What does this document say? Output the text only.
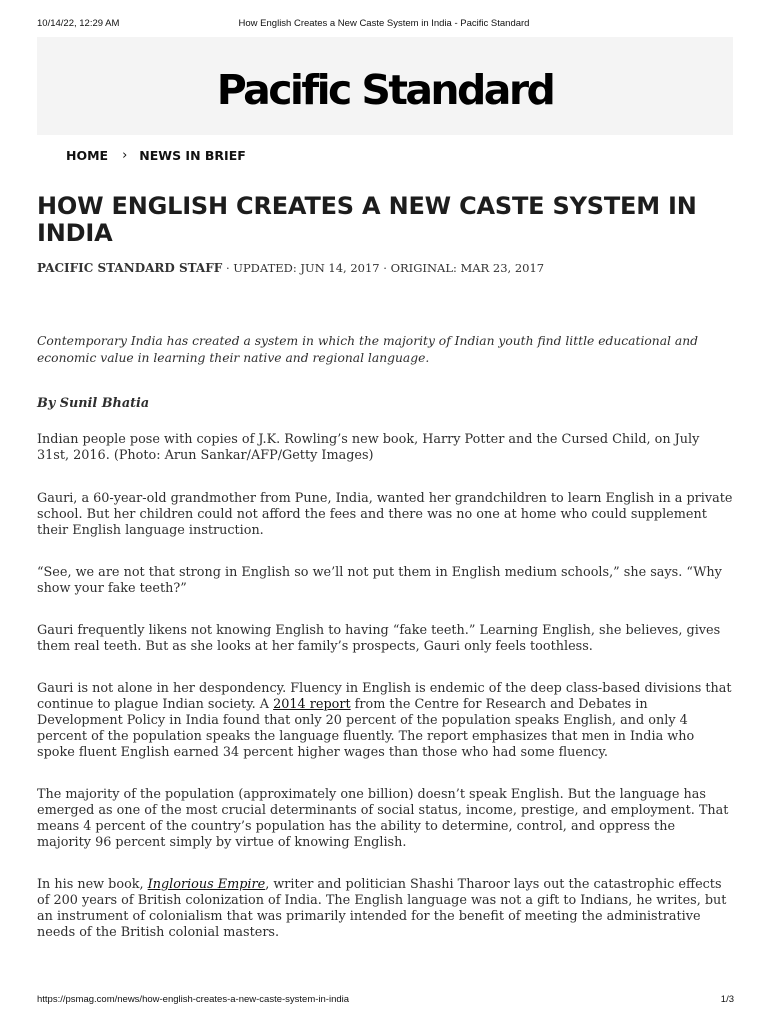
10/14/22, 12:29 AM	How English Creates a New Caste System in India - Pacific Standard
Pacific Standard
HOME › NEWS IN BRIEF
HOW ENGLISH CREATES A NEW CASTE SYSTEM IN INDIA
PACIFIC STANDARD STAFF · UPDATED: JUN 14, 2017 · ORIGINAL: MAR 23, 2017

Contemporary India has created a system in which the majority of Indian youth find little educational and economic value in learning their native and regional language.

By Sunil Bhatia

Indian people pose with copies of J.K. Rowling’s new book, Harry Potter and the Cursed Child, on July 31st, 2016. (Photo: Arun Sankar/AFP/Getty Images)

Gauri, a 60-year-old grandmother from Pune, India, wanted her grandchildren to learn English in a private school. But her children could not afford the fees and there was no one at home who could supplement their English language instruction.

“See, we are not that strong in English so we’ll not put them in English medium schools,” she says. “Why show your fake teeth?”

Gauri frequently likens not knowing English to having “fake teeth.” Learning English, she believes, gives them real teeth. But as she looks at her family’s prospects, Gauri only feels toothless.

Gauri is not alone in her despondency. Fluency in English is endemic of the deep class-based divisions that continue to plague Indian society. A 2014 report from the Centre for Research and Debates in Development Policy in India found that only 20 percent of the population speaks English, and only 4 percent of the population speaks the language fluently. The report emphasizes that men in India who spoke fluent English earned 34 percent higher wages than those who had some fluency.

The majority of the population (approximately one billion) doesn’t speak English. But the language has emerged as one of the most crucial determinants of social status, income, prestige, and employment. That means 4 percent of the country’s population has the ability to determine, control, and oppress the majority 96 percent simply by virtue of knowing English.

In his new book, Inglorious Empire, writer and politician Shashi Tharoor lays out the catastrophic effects of 200 years of British colonization of India. The English language was not a gift to Indians, he writes, but an instrument of colonialism that was primarily intended for the benefit of meeting the administrative needs of the British colonial masters.

https://psmag.com/news/how-english-creates-a-new-caste-system-in-india	1/3
